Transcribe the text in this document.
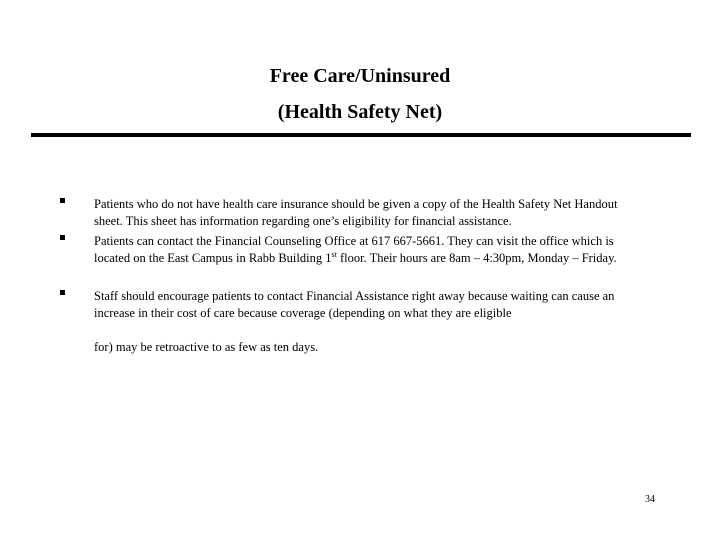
Free Care/Uninsured

(Health Safety Net)

Patients who do not have health care insurance should be given a copy of the Health Safety Net Handout sheet. This sheet has information regarding one’s eligibility for financial assistance.

Patients can contact the Financial Counseling Office at 617 667-5661. They can visit the office which is located on the East Campus in Rabb Building 1st floor. Their hours are 8am – 4:30pm, Monday – Friday.

Staff should encourage patients to contact Financial Assistance right away because waiting can cause an increase in their cost of care because coverage (depending on what they are eligible

for) may be retroactive to as few as ten days.

34
